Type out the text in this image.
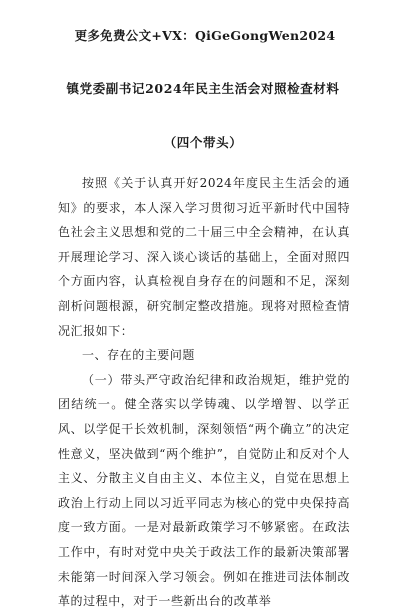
更多免费公文+VX：QiGeGongWen2024
镇党委副书记2024年民主生活会对照检查材料（四个带头）

按照《关于认真开好2024年度民主生活会的通知》的要求，本人深入学习贯彻习近平新时代中国特色社会主义思想和党的二十届三中全会精神，在认真开展理论学习、深入谈心谈话的基础上，全面对照四个方面内容，认真检视自身存在的问题和不足，深刻剖析问题根源，研究制定整改措施。现将对照检查情况汇报如下：

一、存在的主要问题

（一）带头严守政治纪律和政治规矩，维护党的团结统一。健全落实以学铸魂、以学增智、以学正风、以学促干长效机制，深刻领悟“两个确立”的决定性意义，坚决做到“两个维护”，自觉防止和反对个人主义、分散主义自由主义、本位主义，自觉在思想上政治上行动上同以习近平同志为核心的党中央保持高度一致方面。一是对最新政策学习不够紧密。在政法工作中，有时对党中央关于政法工作的最新决策部署未能第一时间深入学习领会。例如在推进司法体制改革的过程中，对于一些新出台的改革举
